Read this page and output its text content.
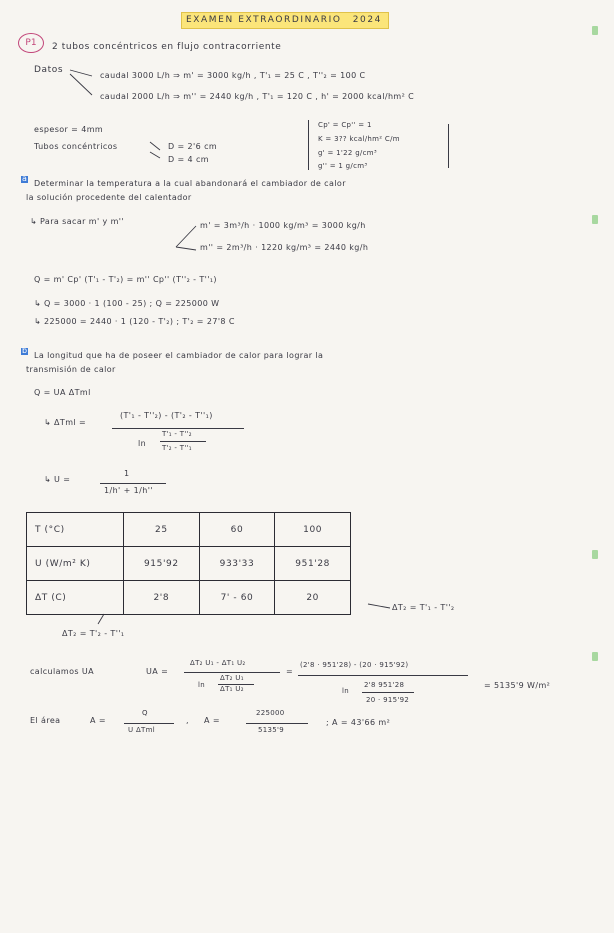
EXAMEN EXTRAORDINARIO 2024
P1	2 tubos concéntricos en flujo contracorriente
Datos
caudal 3000 L/h ⇒ m' = 3000 kg/h , T'₁ = 25 C , T''₂ = 100 C
caudal 2000 L/h ⇒ m'' = 2440 kg/h , T'₁ = 120 C , h' = 2000 kcal/hm² C
espesor = 4mm
Tubos concéntricos	D = 2'6 cm
D = 4 cm
Cp' = Cp'' = 1
K = 3?? kcal/hm² C/m
g' = 1'22 g/cm³
g'' = 1 g/cm³
a
Determinar la temperatura a la cual abandonará el cambiador de calor
la solución procedente del calentador
↳ Para sacar m' y m''	m' = 3m³/h · 1000 kg/m³ = 3000 kg/h
m'' = 2m³/h · 1220 kg/m³ = 2440 kg/h
Q = m' Cp' (T'₁ - T'₂) = m'' Cp'' (T''₂ - T''₁)
↳ Q = 3000 · 1 (100 - 25) ; Q = 225000 W
↳ 225000 = 2440 · 1 (120 - T'₂) ; T'₂ = 27'8 C
b
La longitud que ha de poseer el cambiador de calor para lograr la
transmisión de calor
Q = UA ΔTml
↳ ΔTml =
(T'₁ - T''₂) - (T'₂ - T''₁)
ln
T'₁ - T''₂
T'₂ - T''₁
↳ U =
1
1/h' + 1/h''
T (°C)	25	60	100
U (W/m² K)	915'92	933'33	951'28
ΔT (C)	2'8	7' - 60	20
ΔT₂ = T'₁ - T''₂
ΔT₂ = T'₂ - T''₁
calculamos UA	UA =
ΔT₂ U₁ - ΔT₁ U₂
ln
ΔT₂ U₁
ΔT₁ U₂
=
(2'8 · 951'28) - (20 · 915'92)
ln
2'8 951'28
20 · 915'92
= 5135'9 W/m²
El área	A =
Q
U ΔTml
, A =
225000
5135'9
; A = 43'66 m²
